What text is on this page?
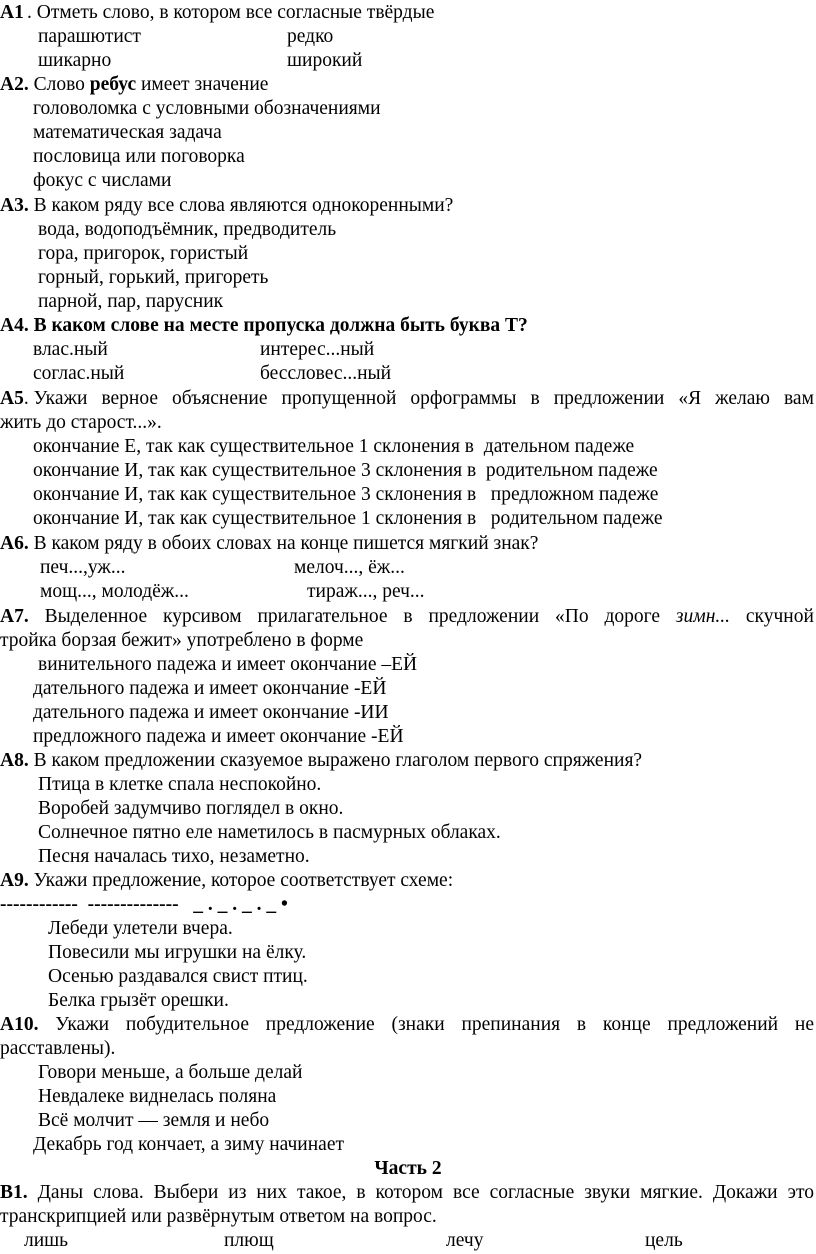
А1 . Отметь слово, в котором все согласные твёрдые
парашютист	редко
шикарно	широкий
А2. Слово ребус имеет значение
головоломка с условными обозначениями
математическая задача
пословица или поговорка
фокус с числами
А3. В каком ряду все слова являются однокоренными?
вода, водоподъёмник, предводитель
гора, пригорок, гористый
горный, горький, пригореть
парной, пар, парусник
А4. В каком слове на месте пропуска должна быть буква Т?
влас.ный	интерес...ный
соглас.ный	бессловес...ный
А5. Укажи верное объяснение пропущенной орфограммы в предложении «Я желаю вам
жить до старост...».
окончание Е, так как существительное 1 склонения в  дательном падеже
окончание И, так как существительное 3 склонения в  родительном падеже
окончание И, так как существительное 3 склонения в   предложном падеже
окончание И, так как существительное 1 склонения в   родительном падеже
А6. В каком ряду в обоих словах на конце пишется мягкий знак?
печ...,уж...	мелоч..., ёж...
мощ..., молодёж...	тираж..., реч...
А7. Выделенное курсивом прилагательное в предложении «По дороге зимн... скучной
тройка борзая бежит» употреблено в форме
винительного падежа и имеет окончание –ЕЙ
дательного падежа и имеет окончание -ЕЙ
дательного падежа и имеет окончание -ИИ
предложного падежа и имеет окончание -ЕЙ
А8. В каком предложении сказуемое выражено глаголом первого спряжения?
Птица в клетке спала неспокойно.
Воробей задумчиво поглядел в окно.
Солнечное пятно еле наметилось в пасмурных облаках.
Песня началась тихо, незаметно.
А9. Укажи предложение, которое соответствует схеме:
------------  --------------   _ . _ . _ . _ •
Лебеди улетели вчера.
Повесили мы игрушки на ёлку.
Осенью раздавался свист птиц.
Белка грызёт орешки.
А10. Укажи побудительное предложение (знаки препинания в конце предложений не
расставлены).
Говори меньше, а больше делай
Невдалеке виднелась поляна
Всё молчит — земля и небо
Декабрь год кончает, а зиму начинает
Часть 2
В1. Даны слова. Выбери из них такое, в котором все согласные звуки мягкие. Докажи это
транскрипцией или развёрнутым ответом на вопрос.
лишь	плющ	лечу	цель
